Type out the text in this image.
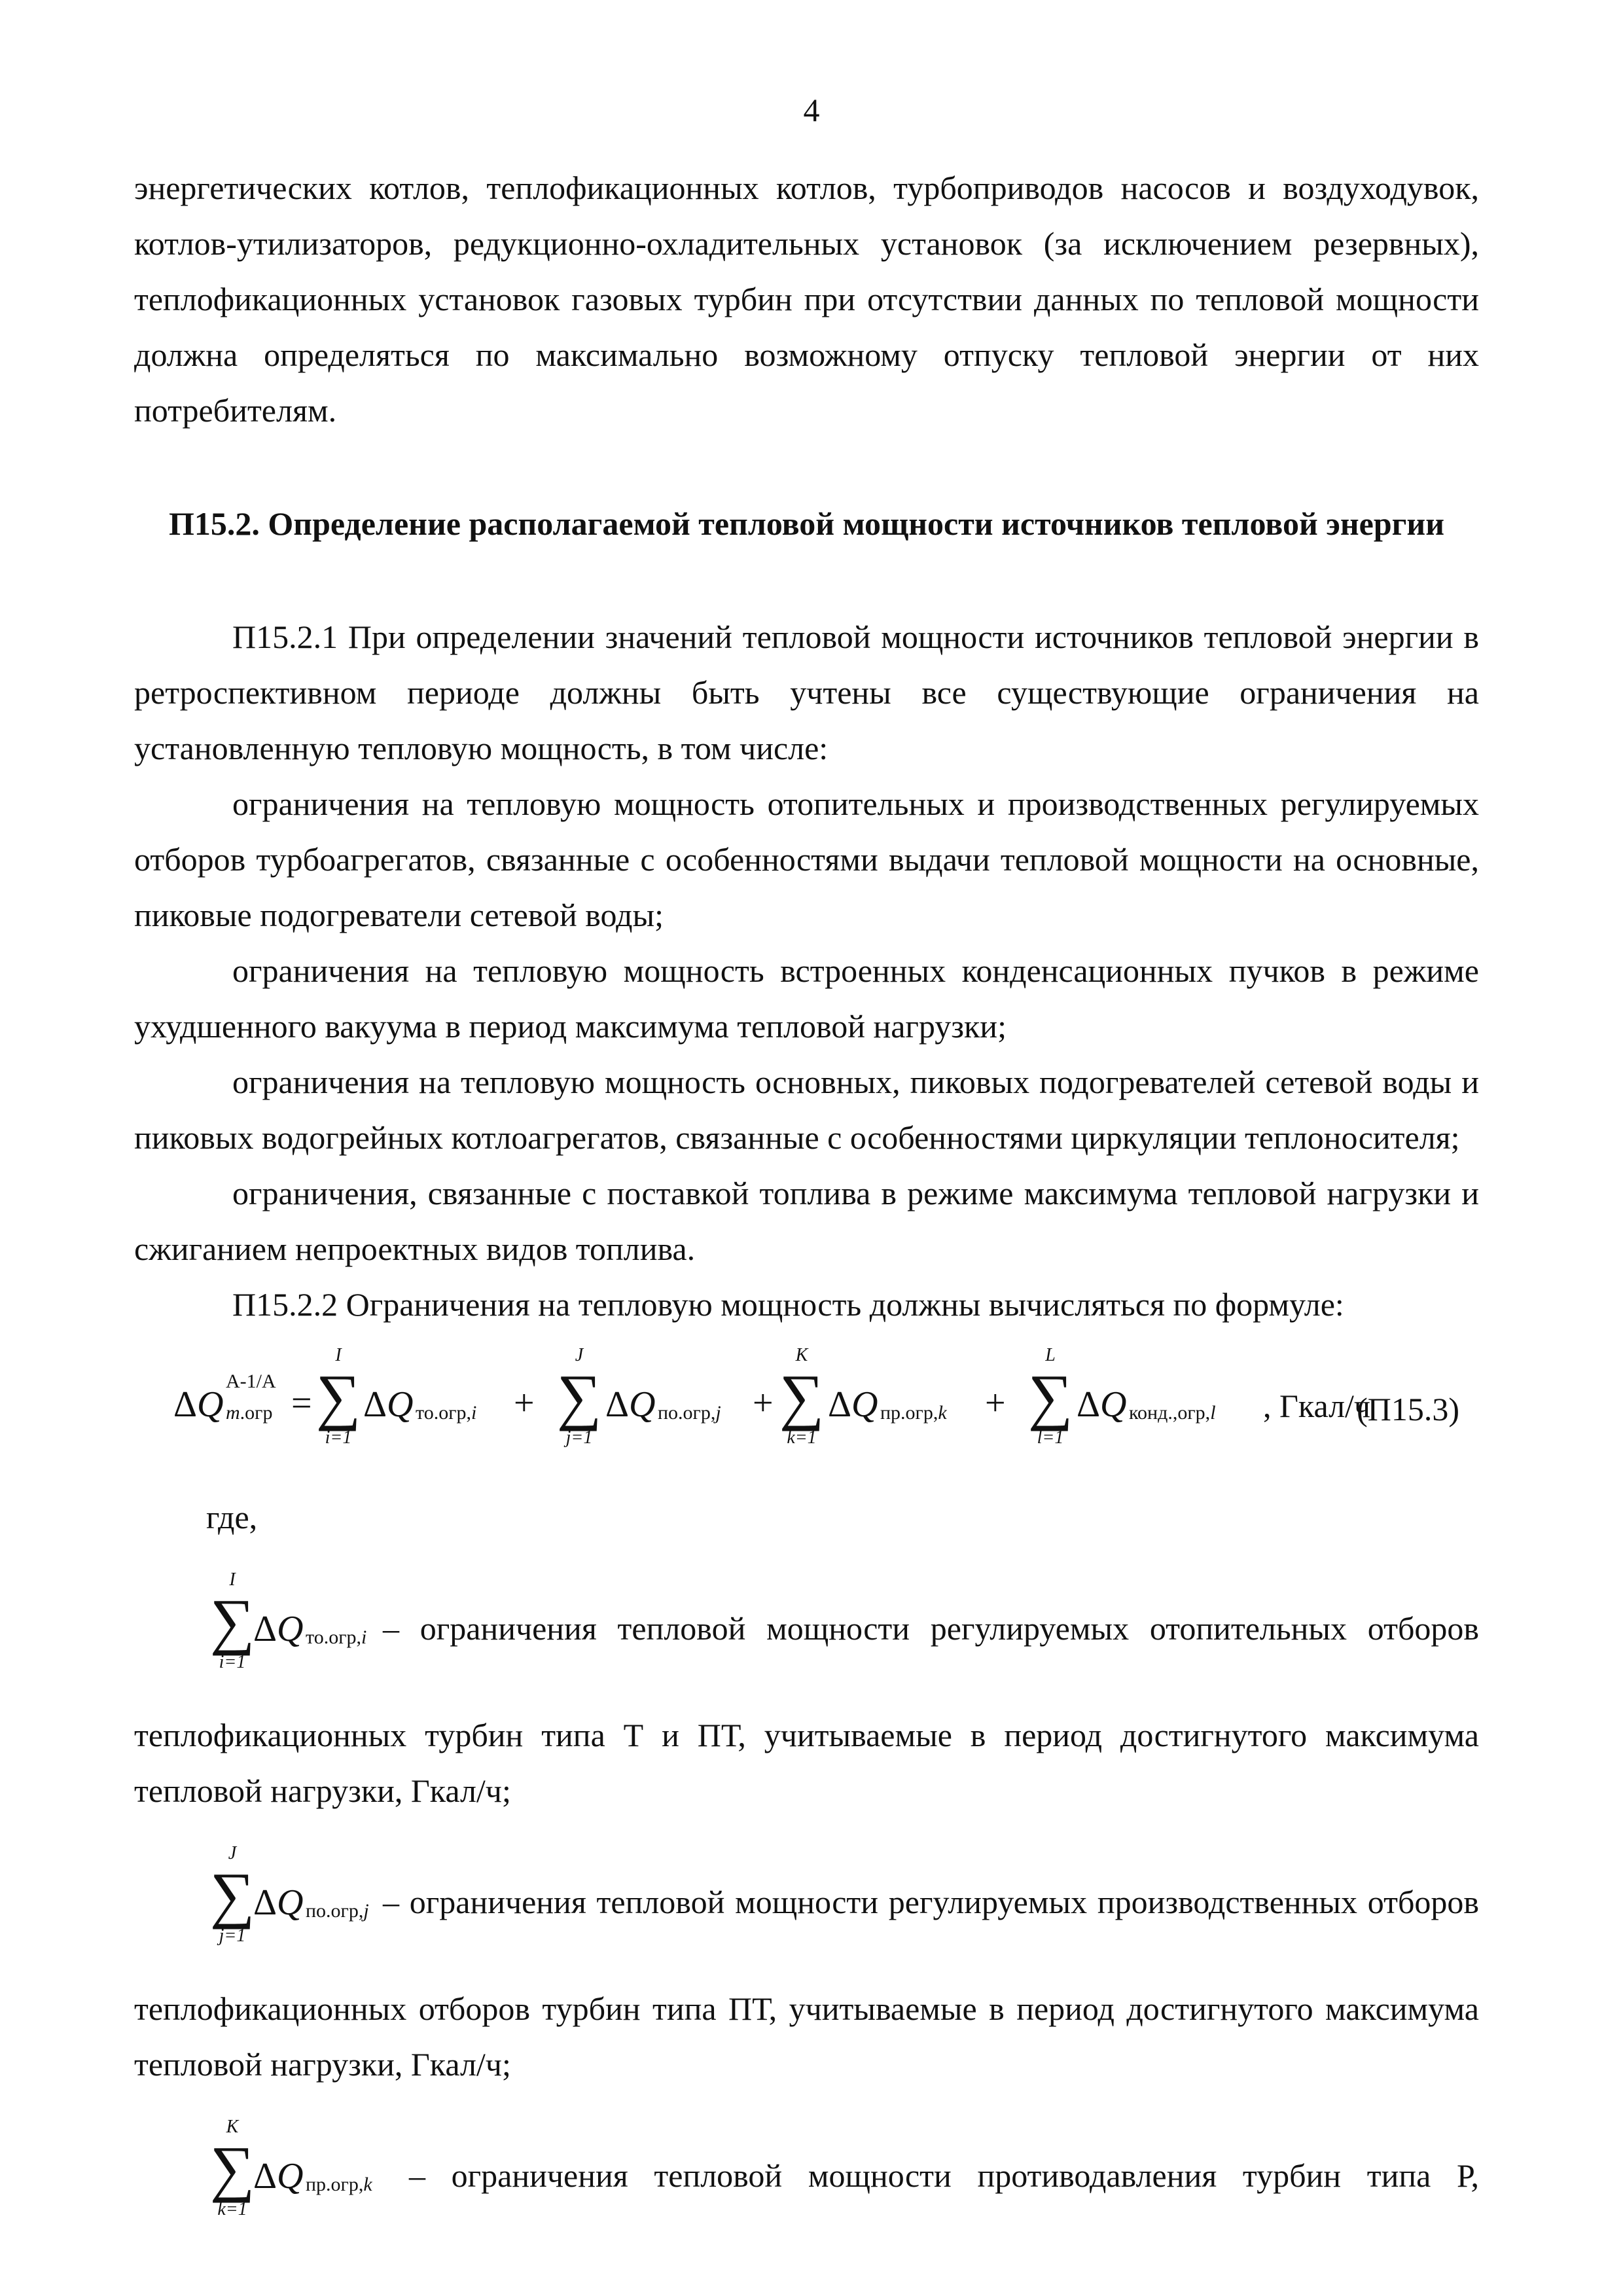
4

энергетических котлов, теплофикационных котлов, турбоприводов насосов и воздуходувок, котлов-утилизаторов, редукционно-охладительных установок (за исключением резервных), теплофикационных установок газовых турбин при отсутствии данных по тепловой мощности должна определяться по максимально возможному отпуску тепловой энергии от них потребителям.

П15.2. Определение располагаемой тепловой мощности источников тепловой энергии

П15.2.1 При определении значений тепловой мощности источников тепловой энергии в ретроспективном периоде должны быть учтены все существующие ограничения на установленную тепловую мощность, в том числе:

ограничения на тепловую мощность отопительных и производственных регулируемых отборов турбоагрегатов, связанные с особенностями выдачи тепловой мощности на основные, пиковые подогреватели сетевой воды;

ограничения на тепловую мощность встроенных конденсационных пучков в режиме ухудшенного вакуума в период максимума тепловой нагрузки;

ограничения на тепловую мощность основных, пиковых подогревателей сетевой воды и пиковых водогрейных котлоагрегатов, связанные с особенностями циркуляции теплоносителя;

ограничения, связанные с поставкой топлива в режиме максимума тепловой нагрузки и сжиганием непроектных видов топлива.

П15.2.2 Ограничения на тепловую мощность должны вычисляться по формуле:

Δ Q
А-1/А
m.огр =
I
∑
i=1
Δ Q то.огр,i +
J
∑
j=1
Δ Q по.огр,j +
K
∑
k=1
Δ Q пр.огр,k +
L
∑
l=1
Δ Q конд.,огр,l , Гкал/ч
(П15.3)

где,

I
∑
i=1
Δ Q то.огр,i – ограничения тепловой мощности регулируемых отопительных отборов

теплофикационных турбин типа Т и ПТ, учитываемые в период достигнутого максимума тепловой нагрузки, Гкал/ч;

J
∑
j=1
Δ Q по.огр,j – ограничения тепловой мощности регулируемых производственных отборов

теплофикационных отборов турбин типа ПТ, учитываемые в период достигнутого максимума тепловой нагрузки, Гкал/ч;

K
∑
k=1
Δ Q пр.огр,k – ограничения тепловой мощности противодавления турбин типа Р,
